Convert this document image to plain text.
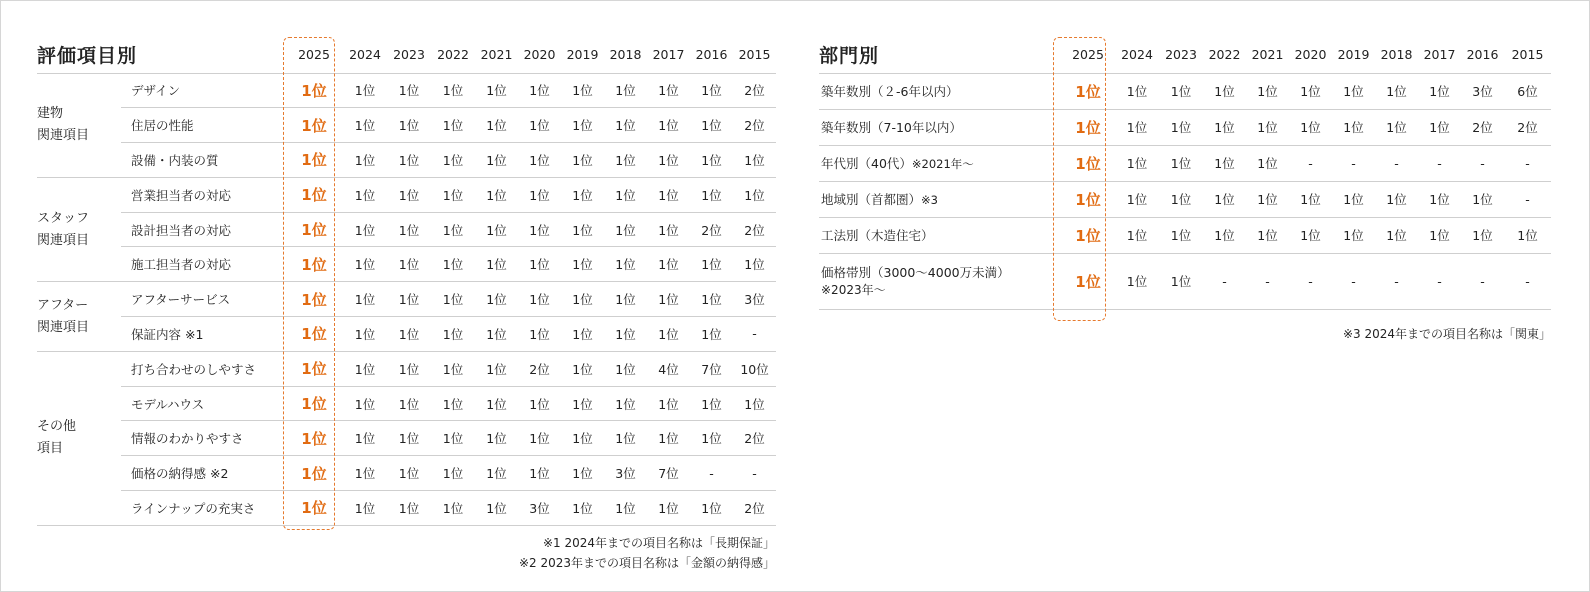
評価項目別		2025	2024	2023	2022	2021	2020	2019	2018	2017	2016	2015

建物
関連項目	デザイン	1位	1位	1位	1位	1位	1位	1位	1位	1位	1位	2位
	住居の性能	1位	1位	1位	1位	1位	1位	1位	1位	1位	1位	2位
	設備・内装の質	1位	1位	1位	1位	1位	1位	1位	1位	1位	1位	1位

スタッフ
関連項目	営業担当者の対応	1位	1位	1位	1位	1位	1位	1位	1位	1位	1位	1位
	設計担当者の対応	1位	1位	1位	1位	1位	1位	1位	1位	1位	2位	2位
	施工担当者の対応	1位	1位	1位	1位	1位	1位	1位	1位	1位	1位	1位

アフター
関連項目	アフターサービス	1位	1位	1位	1位	1位	1位	1位	1位	1位	1位	3位
	保証内容 ※1	1位	1位	1位	1位	1位	1位	1位	1位	1位	1位	-

その他
項目	打ち合わせのしやすさ	1位	1位	1位	1位	1位	2位	1位	1位	4位	7位	10位
	モデルハウス	1位	1位	1位	1位	1位	1位	1位	1位	1位	1位	1位
	情報のわかりやすさ	1位	1位	1位	1位	1位	1位	1位	1位	1位	1位	2位
	価格の納得感 ※2	1位	1位	1位	1位	1位	1位	1位	3位	7位	-	-
	ラインナップの充実さ	1位	1位	1位	1位	1位	3位	1位	1位	1位	1位	2位
※1 2024年までの項目名称は「長期保証」
※2 2023年までの項目名称は「金額の納得感」
部門別	2025	2024	2023	2022	2021	2020	2019	2018	2017	2016	2015
築年数別（２-6年以内）	1位	1位	1位	1位	1位	1位	1位	1位	1位	3位	6位
築年数別（7-10年以内）	1位	1位	1位	1位	1位	1位	1位	1位	1位	2位	2位
年代別（40代）※2021年〜	1位	1位	1位	1位	1位	-	-	-	-	-	-
地域別（首都圏）※3	1位	1位	1位	1位	1位	1位	1位	1位	1位	1位	-
工法別（木造住宅）	1位	1位	1位	1位	1位	1位	1位	1位	1位	1位	1位
価格帯別（3000〜4000万未満）
※2023年〜	1位	1位	1位	-	-	-	-	-	-	-	-
※3 2024年までの項目名称は「関東」
